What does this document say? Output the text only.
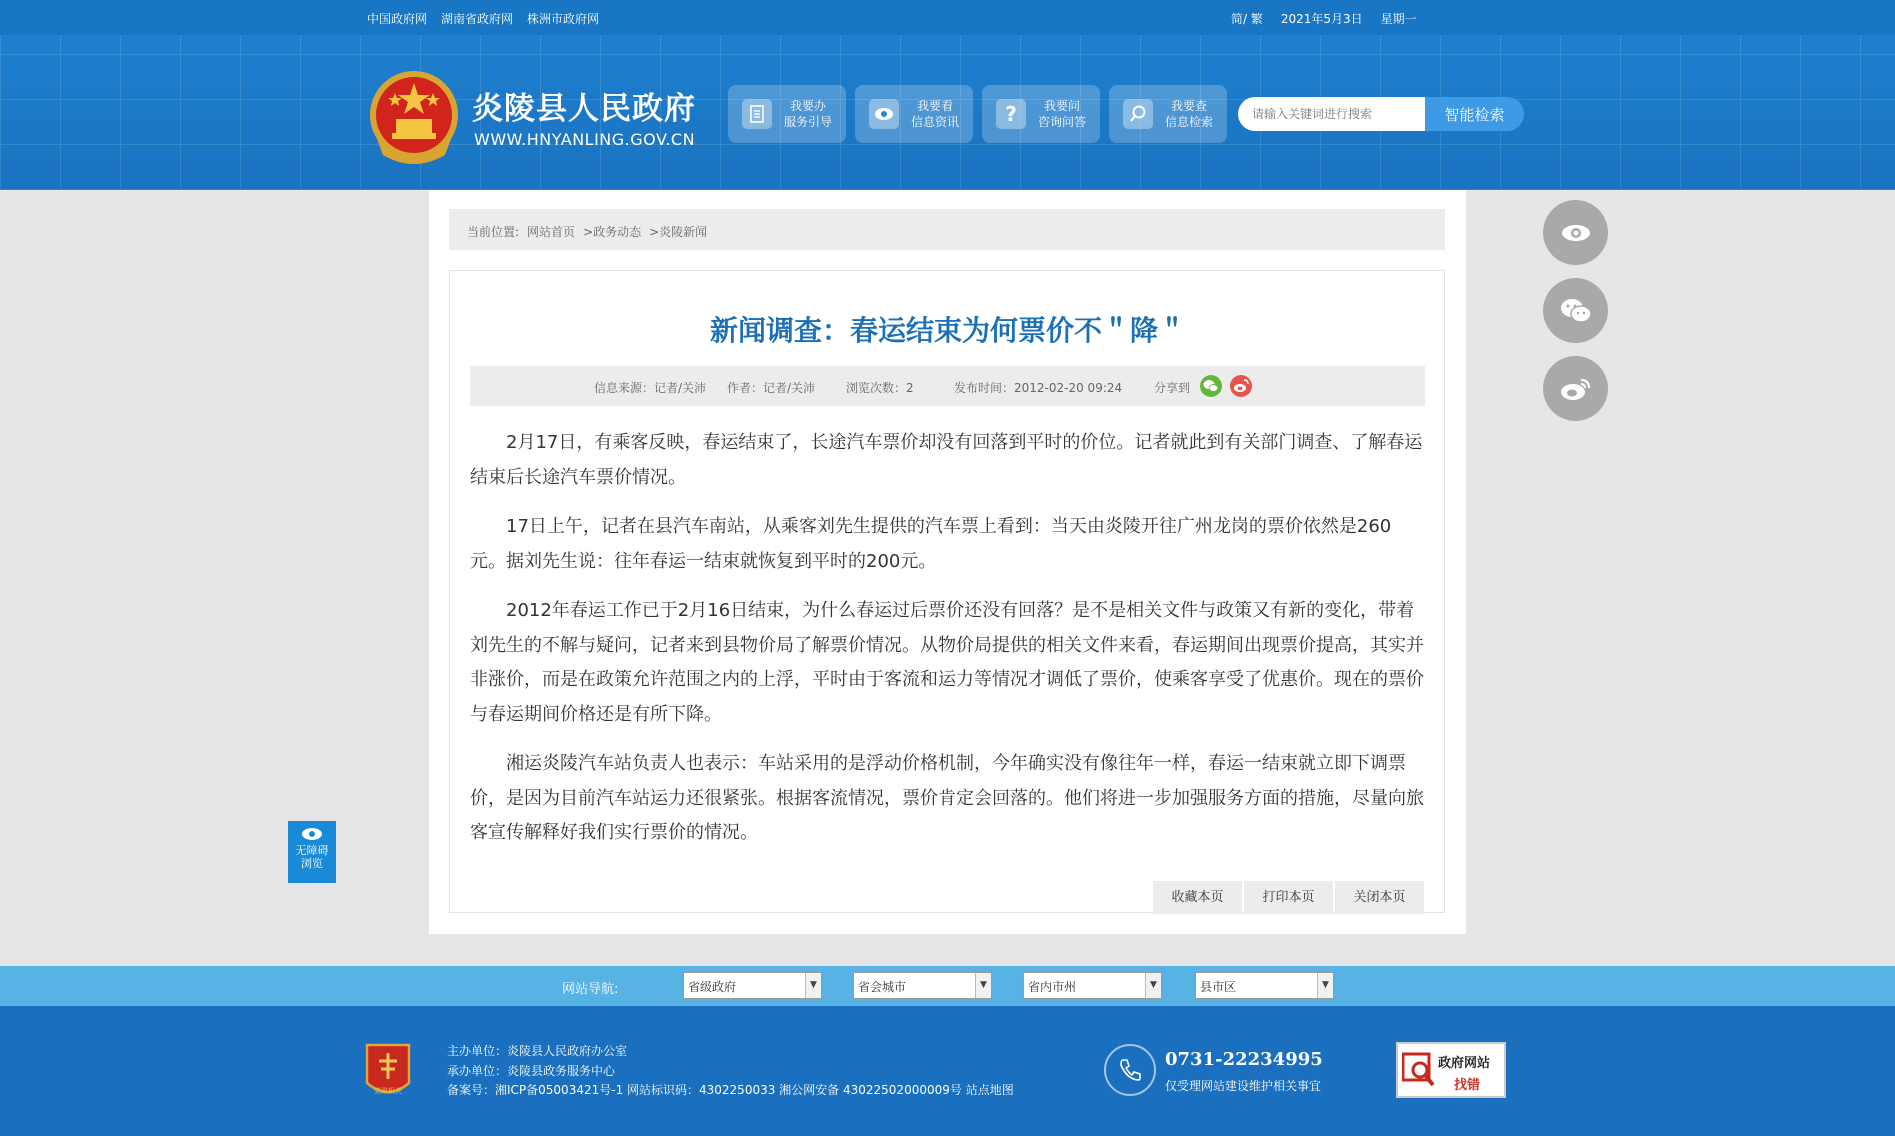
中国政府网 湖南省政府网 株洲市政府网	简/ 繁 2021年5月3日 星期一
炎陵县人民政府
WWW.HNYANLING.GOV.CN
我要办
服务引导
我要看
信息资讯 ?	我要问
咨询问答
我要查
信息检索
请输入关键词进行搜索	智能检索
无障碍
浏览
当前位置: 网站首页 >政务动态 >炎陵新闻
新闻调查：春运结束为何票价不＂降＂
信息来源：记者/关沛 作者：记者/关沛	浏览次数：2	发布时间：2012-02-20 09:24	分享到

2月17日，有乘客反映，春运结束了，长途汽车票价却没有回落到平时的价位。记者就此到有关部门调查、了解春运结束后长途汽车票价情况。

17日上午，记者在县汽车南站，从乘客刘先生提供的汽车票上看到：当天由炎陵开往广州龙岗的票价依然是260元。据刘先生说：往年春运一结束就恢复到平时的200元。

2012年春运工作已于2月16日结束，为什么春运过后票价还没有回落？是不是相关文件与政策又有新的变化，带着刘先生的不解与疑问，记者来到县物价局了解票价情况。从物价局提供的相关文件来看，春运期间出现票价提高，其实并非涨价，而是在政策允许范围之内的上浮，平时由于客流和运力等情况才调低了票价，使乘客享受了优惠价。现在的票价与春运期间价格还是有所下降。

湘运炎陵汽车站负责人也表示：车站采用的是浮动价格机制，今年确实没有像往年一样，春运一结束就立即下调票价，是因为目前汽车站运力还很紧张。根据客流情况，票价肯定会回落的。他们将进一步加强服务方面的措施，尽量向旅客宣传解释好我们实行票价的情况。

收藏本页	打印本页	关闭本页
网站导航:	省级政府	▼	省会城市	▼	省内市州	▼	县市区	▼
党政机关
主办单位：炎陵县人民政府办公室
承办单位：炎陵县政务服务中心
备案号：湘ICP备05003421号-1 网站标识码：4302250033 湘公网安备 43022502000009号 站点地图
0731-22234995
仅受理网站建设维护相关事宜
政府网站
找错
